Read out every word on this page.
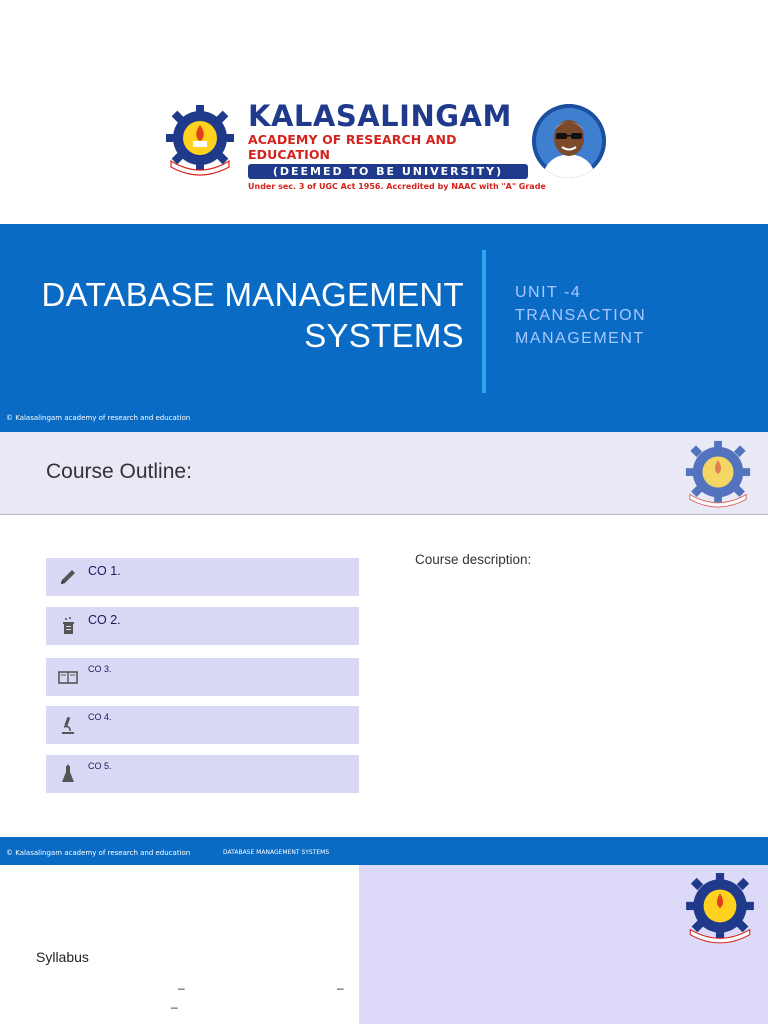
KALASALINGAM
ACADEMY OF RESEARCH AND EDUCATION
(DEEMED TO BE UNIVERSITY)
Under sec. 3 of UGC Act 1956. Accredited by NAAC with "A" Grade
DATABASE MANAGEMENT
SYSTEMS
UNIT -4
TRANSACTION
MANAGEMENT
© Kalasalingam academy of research and education
Course Outline:
CO 1.
CO 2.
CO 3.
CO 4.
CO 5.
Course description:
© Kalasalingam academy of research and education	DATABASE MANAGEMENT SYSTEMS
Syllabus
–	–
–
